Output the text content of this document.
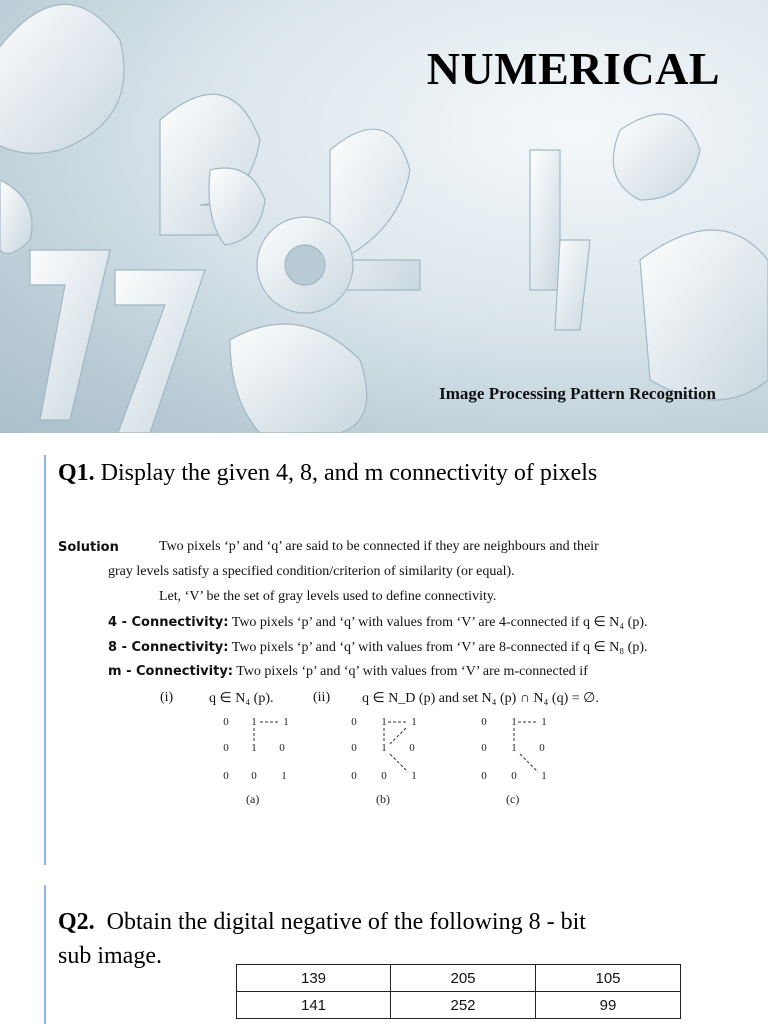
NUMERICAL
Image Processing Pattern Recognition
Q1. Display the given 4, 8, and m connectivity of pixels
Solution	Two pixels ‘p’ and ‘q’ are said to be connected if they are neighbours and their
gray levels satisfy a specified condition/criterion of similarity (or equal).
Let, ‘V’ be the set of gray levels used to define connectivity.
4 - Connectivity: Two pixels ‘p’ and ‘q’ with values from ‘V’ are 4-connected if q ∈ N₄ (p).
8 - Connectivity: Two pixels ‘p’ and ‘q’ with values from ‘V’ are 8-connected if q ∈ N₈ (p).
m - Connectivity: Two pixels ‘p’ and ‘q’ with values from ‘V’ are m-connected if
(i)	q ∈ N₄ (p).	(ii) q ∈ N_D (p) and set N₄ (p) ∩ N₄ (q) = ∅.
0 1 1
0 1 0
0 0 1
(a)
0 1 1
0 1 0
0 0 1
(b)
0 1 1
0 1 0
0 0 1
(c)
Q2. Obtain the digital negative of the following 8 - bit
sub image.
139	205	105
141	252	99
